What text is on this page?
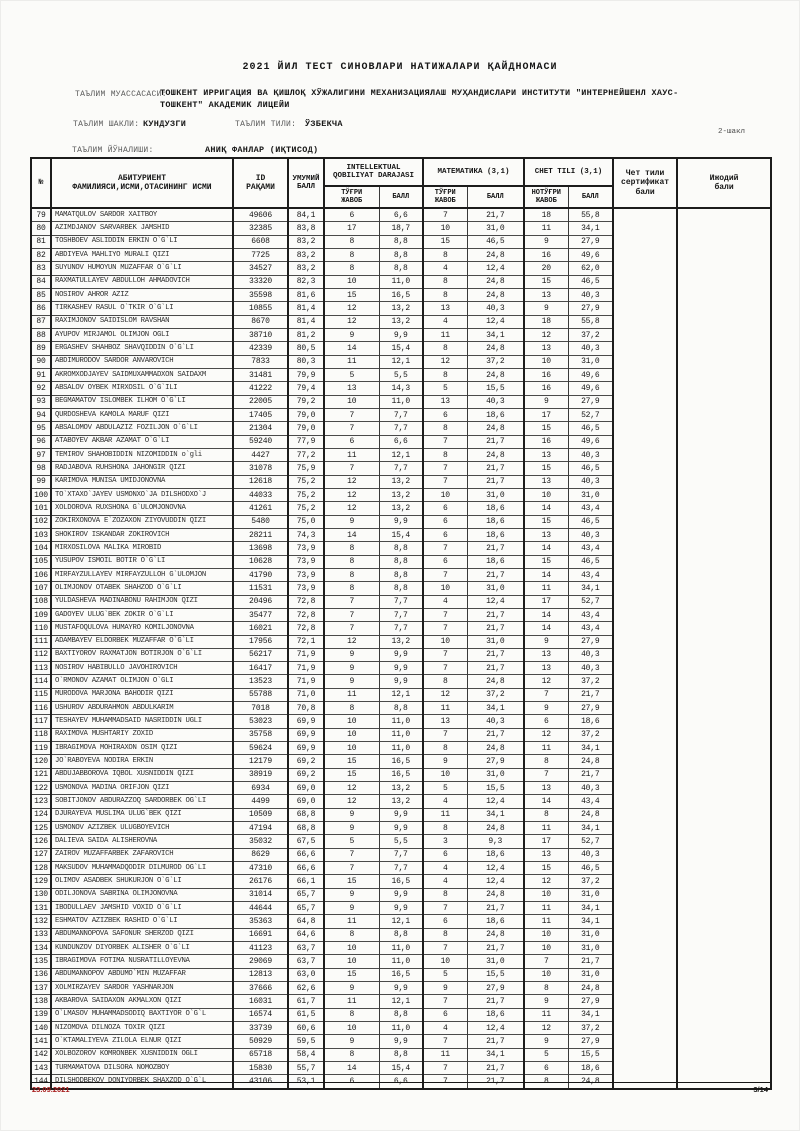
2021 ЙИЛ ТЕСТ СИНОВЛАРИ НАТИЖАЛАРИ ҚАЙДНОМАСИ
ТАЪЛИМ МУАССАСАСИ:
ТОШКЕНТ ИРРИГАЦИЯ ВА ҚИШЛОҚ ХЎЖАЛИГИНИ МЕХАНИЗАЦИЯЛАШ МУҲАНДИСЛАРИ ИНСТИТУТИ "ИНТЕРНЕЙШЕНЛ ХАУС-ТОШКЕНТ" АКАДЕМИК ЛИЦЕЙИ
ТАЪЛИМ ШАКЛИ: КУНДУЗГИ	ТАЪЛИМ ТИЛИ: ЎЗБЕКЧА
2-шакл
ТАЪЛИМ ЙЎНАЛИШИ:	АНИҚ ФАНЛАР (ИҚТИСОД)
№	
АБИТУРИЕНТ
ФАМИЛИЯСИ,ИСМИ,ОТАСИНИНГ ИСМИ

ID
РАҚАМИ

УМУМИЙ
БАЛЛ

INTELLEKTUAL
QOBILIYAT DARAJASI
	МАТЕМАТИКА (3,1)	CHET TILI (3,1)	Чет тили
сертификат
бали

Ижодий
бали

ТЎҒРИ
ЖАВОБ	БАЛЛ	ТЎҒРИ
ЖАВОБ	БАЛЛ	НОТЎҒРИ
ЖАВОБ	БАЛЛ
79	MAMATQULOV SARDOR XAITBOY	49606	84,1	6	6,6	7	21,7	18	55,8		
80	AZIMDJANOV SARVARBEK JAMSHID	32385	83,8	17	18,7	10	31,0	11	34,1		
81	TOSHBOEV ASLIDDIN ERKIN O`G`LI	6608	83,2	8	8,8	15	46,5	9	27,9		
82	ABDIYEVA MAHLIYO MURALI QIZI	7725	83,2	8	8,8	8	24,8	16	49,6		
83	SUYUNOV HUMOYUN MUZAFFAR O`G`LI	34527	83,2	8	8,8	4	12,4	20	62,0		
84	RAXMATULLAYEV ABDULLOH AHMADOVICH	33320	82,3	10	11,0	8	24,8	15	46,5		
85	NOSIROV AHROR AZIZ	35598	81,6	15	16,5	8	24,8	13	40,3		
86	TIRKASHEV RASUL O`TKIR O`G`LI	10855	81,4	12	13,2	13	40,3	9	27,9		
87	RAXIMJONOV SAIDISLOM RAVSHAN	8670	81,4	12	13,2	4	12,4	18	55,8		
88	AYUPOV MIRJAMOL OLIMJON OGLI	38710	81,2	9	9,9	11	34,1	12	37,2		
89	ERGASHEV SHAHBOZ SHAVQIDDIN O`G`LI	42339	80,5	14	15,4	8	24,8	13	40,3		
90	ABDIMURODOV SARDOR ANVAROVICH	7833	80,3	11	12,1	12	37,2	10	31,0		
91	AKROMXODJAYEV SAIDMUXAMMADXON SAIDAXM	31481	79,9	5	5,5	8	24,8	16	49,6		
92	ABSALOV OYBEK MIRXOSIL O`G`ILI	41222	79,4	13	14,3	5	15,5	16	49,6		
93	BEGMAMATOV ISLOMBEK ILHOM O`G`LI	22005	79,2	10	11,0	13	40,3	9	27,9		
94	QURDOSHEVA KAMOLA MARUF QIZI	17405	79,0	7	7,7	6	18,6	17	52,7		
95	ABSALOMOV ABDULAZIZ FOZILJON O`G`LI	21304	79,0	7	7,7	8	24,8	15	46,5		
96	ATABOYEV AKBAR AZAMAT O`G`LI	59240	77,9	6	6,6	7	21,7	16	49,6		
97	TEMIROV SHAHOBIDDIN NIZOMIDDIN o`gli	4427	77,2	11	12,1	8	24,8	13	40,3		
98	RADJABOVA RUHSHONA JAHONGIR QIZI	31078	75,9	7	7,7	7	21,7	15	46,5		
99	KARIMOVA MUNISA UMIDJONOVNA	12618	75,2	12	13,2	7	21,7	13	40,3		
100	TO`XTAXO`JAYEV USMONXO`JA DILSHODXO`J	44033	75,2	12	13,2	10	31,0	10	31,0		
101	XOLDOROVA RUXSHONA G`ULOMJONOVNA	41261	75,2	12	13,2	6	18,6	14	43,4		
102	ZOKIRXONOVA E`ZOZAXON ZIYOVUDDIN QIZI	5480	75,0	9	9,9	6	18,6	15	46,5		
103	SHOKIROV ISKANDAR ZOKIROVICH	28211	74,3	14	15,4	6	18,6	13	40,3		
104	MIRXOSILOVA MALIKA MIROBID	13698	73,9	8	8,8	7	21,7	14	43,4		
105	YUSUPOV ISMOIL BOTIR O`G`LI	10628	73,9	8	8,8	6	18,6	15	46,5		
106	MIRFAYZULLAYEV MIRFAYZULLOH G`ULOMJON	41790	73,9	8	8,8	7	21,7	14	43,4		
107	OLIMJONOV OTABEK SHAHZOD O`G`LI	11531	73,9	8	8,8	10	31,0	11	34,1		
108	YULDASHEVA MADINABONU RAHIMJON QIZI	20496	72,8	7	7,7	4	12,4	17	52,7		
109	GADOYEV ULUG`BEK ZOKIR O`G`LI	35477	72,8	7	7,7	7	21,7	14	43,4		
110	MUSTAFOQULOVA HUMAYRO KOMILJONOVNA	16021	72,8	7	7,7	7	21,7	14	43,4		
111	ADAMBAYEV ELDORBEK MUZAFFAR O`G`LI	17956	72,1	12	13,2	10	31,0	9	27,9		
112	BAXTIYOROV RAXMATJON BOTIRJON O`G`LI	56217	71,9	9	9,9	7	21,7	13	40,3		
113	NOSIROV HABIBULLO JAVOHIROVICH	16417	71,9	9	9,9	7	21,7	13	40,3		
114	O`RMONOV AZAMAT OLIMJON O`GLI	13523	71,9	9	9,9	8	24,8	12	37,2		
115	MURODOVA MARJONA BAHODIR QIZI	55788	71,0	11	12,1	12	37,2	7	21,7		
116	USHUROV ABDURAHMON ABDULKARIM	7018	70,8	8	8,8	11	34,1	9	27,9		
117	TESHAYEV MUHAMMADSAID NASRIDDIN UGLI	53023	69,9	10	11,0	13	40,3	6	18,6		
118	RAXIMOVA MUSHTARIY ZOXID	35758	69,9	10	11,0	7	21,7	12	37,2		
119	IBRAGIMOVA MOHIRAXON OSIM QIZI	59624	69,9	10	11,0	8	24,8	11	34,1		
120	JO`RABOYEVA NODIRA ERKIN	12179	69,2	15	16,5	9	27,9	8	24,8		
121	ABDUJABBOROVA IQBOL XUSNIDDIN QIZI	38919	69,2	15	16,5	10	31,0	7	21,7		
122	USMONOVA MADINA ORIFJON QIZI	6934	69,0	12	13,2	5	15,5	13	40,3		
123	SOBITJONOV ABDURAZZOQ SARDORBEK OG`LI	4499	69,0	12	13,2	4	12,4	14	43,4		
124	DJURAYEVA MUSLIMA ULUG`BEK QIZI	10509	68,8	9	9,9	11	34,1	8	24,8		
125	USMONOV AZIZBEK ULUGBOYEVICH	47194	68,8	9	9,9	8	24,8	11	34,1		
126	DALIEVA SAIDA ALISHEROVNA	35032	67,5	5	5,5	3	9,3	17	52,7		
127	ZAIROV MUZAFFARBEK ZAFAROVICH	8629	66,6	7	7,7	6	18,6	13	40,3		
128	MAKSUDOV MUHAMMADQODIR DILMUROD OG`LI	47310	66,6	7	7,7	4	12,4	15	46,5		
129	OLIMOV ASADBEK SHUKURJON O`G`LI	26176	66,1	15	16,5	4	12,4	12	37,2		
130	ODILJONOVA SABRINA OLIMJONOVNA	31014	65,7	9	9,9	8	24,8	10	31,0		
131	IBODULLAEV JAMSHID VOXID O`G`LI	44644	65,7	9	9,9	7	21,7	11	34,1		
132	ESHMATOV AZIZBEK RASHID O`G`LI	35363	64,8	11	12,1	6	18,6	11	34,1		
133	ABDUMANNOPOVA SAFONUR SHERZOD QIZI	16691	64,6	8	8,8	8	24,8	10	31,0		
134	KUNDUNZOV DIYORBEK ALISHER O`G`LI	41123	63,7	10	11,0	7	21,7	10	31,0		
135	IBRAGIMOVA FOTIMA NUSRATILLOYEVNA	29069	63,7	10	11,0	10	31,0	7	21,7		
136	ABDUMANNOPOV ABDUMO`MIN MUZAFFAR	12813	63,0	15	16,5	5	15,5	10	31,0		
137	XOLMIRZAYEV SARDOR YASHNARJON	37666	62,6	9	9,9	9	27,9	8	24,8		
138	AKBAROVA SAIDAXON AKMALXON QIZI	16031	61,7	11	12,1	7	21,7	9	27,9		
139	O`LMASOV MUHAMMADSODIQ BAXTIYOR O`G`L	16574	61,5	8	8,8	6	18,6	11	34,1		
140	NIZOMOVA DILNOZA TOXIR QIZI	33739	60,6	10	11,0	4	12,4	12	37,2		
141	O`KTAMALIYEVA ZILOLA ELNUR QIZI	50929	59,5	9	9,9	7	21,7	9	27,9		
142	XOLBOZOROV KOMRONBEK XUSNIDDIN OGLI	65718	58,4	8	8,8	11	34,1	5	15,5		
143	TURMAMATOVA DILSORA NOMOZBOY	15830	55,7	14	15,4	7	21,7	6	18,6		
144	DILSHODBEKOV DONIYORBEK SHAXZOD O`G`L	43106	53,1	6	6,6	7	21,7	8	24,8		
23.09.2021	3/14
